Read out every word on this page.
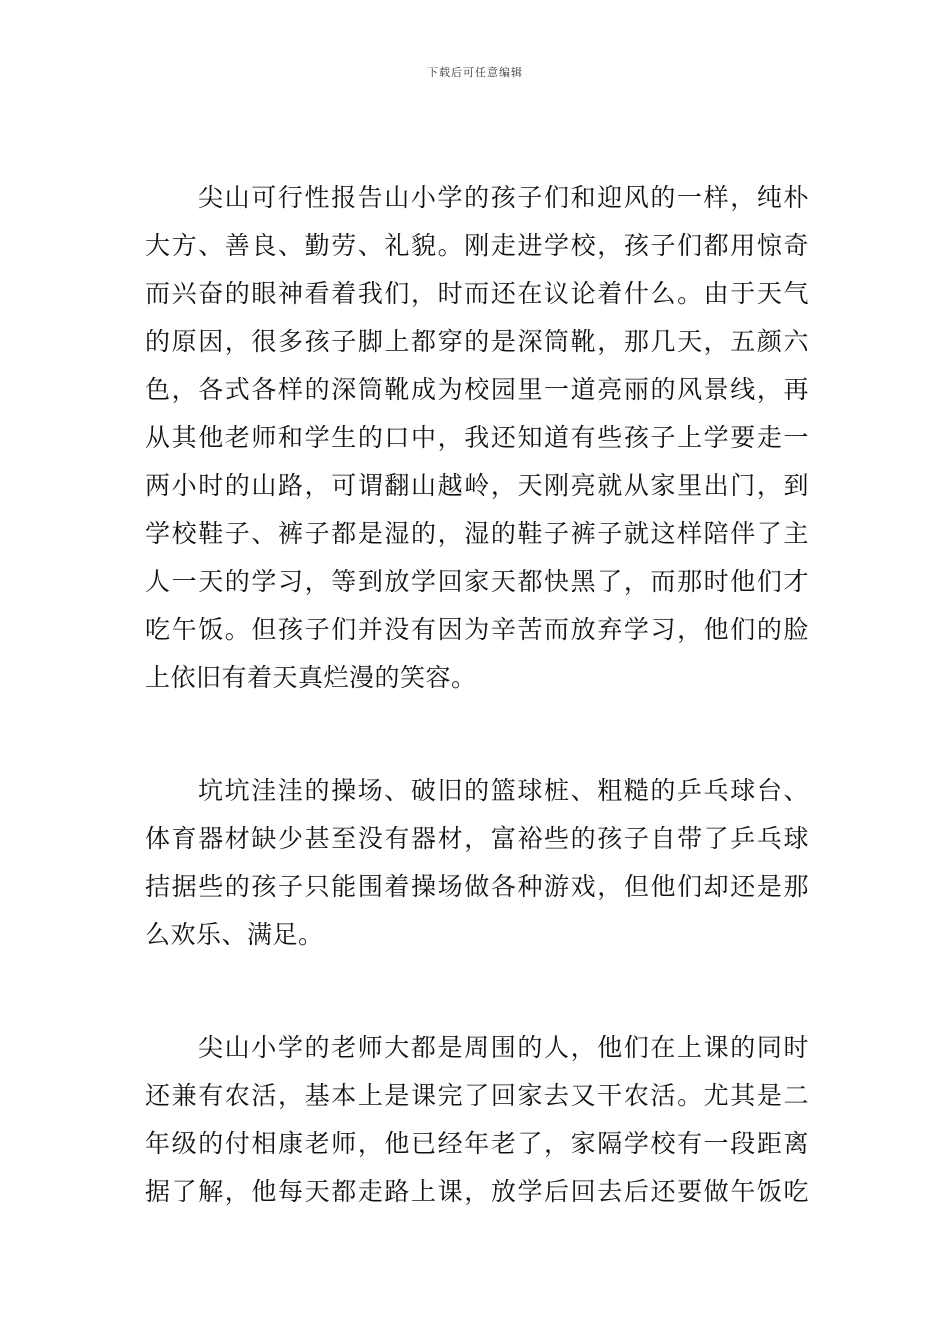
下载后可任意编辑
尖山可行性报告山小学的孩子们和迎风的一样，纯朴
大方、善良、勤劳、礼貌。刚走进学校，孩子们都用惊奇
而兴奋的眼神看着我们，时而还在议论着什么。由于天气
的原因，很多孩子脚上都穿的是深筒靴，那几天，五颜六
色，各式各样的深筒靴成为校园里一道亮丽的风景线，再
从其他老师和学生的口中，我还知道有些孩子上学要走一
两小时的山路，可谓翻山越岭，天刚亮就从家里出门，到
学校鞋子、裤子都是湿的，湿的鞋子裤子就这样陪伴了主
人一天的学习，等到放学回家天都快黑了，而那时他们才
吃午饭。但孩子们并没有因为辛苦而放弃学习，他们的脸
上依旧有着天真烂漫的笑容。
坑坑洼洼的操场、破旧的篮球桩、粗糙的乒乓球台、
体育器材缺少甚至没有器材，富裕些的孩子自带了乒乓球
拮据些的孩子只能围着操场做各种游戏，但他们却还是那
么欢乐、满足。
尖山小学的老师大都是周围的人，他们在上课的同时
还兼有农活，基本上是课完了回家去又干农活。尤其是二
年级的付相康老师，他已经年老了，家隔学校有一段距离
据了解，他每天都走路上课，放学后回去后还要做午饭吃
